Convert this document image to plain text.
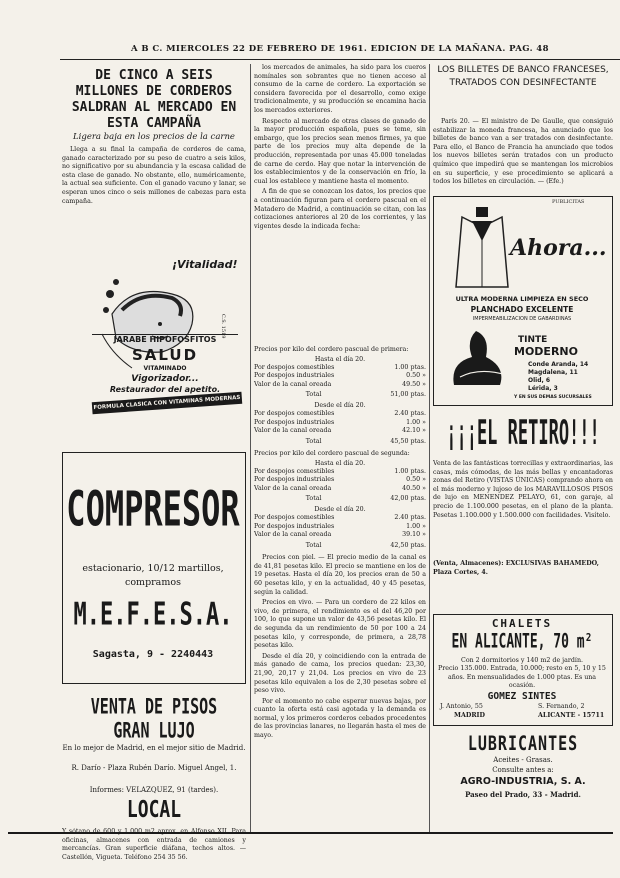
A B C. MIERCOLES 22 DE FEBRERO DE 1961. EDICION DE LA MAÑANA. PAG. 48
DE CINCO A SEIS MILLONES DE CORDEROS SALDRAN AL MERCADO EN ESTA CAMPAÑA
Ligera baja en los precios de la carne
Llega a su final la campaña de corderos de cama, ganado caracterizado por su peso de cuatro a seis kilos, no significativo por su abundancia y la escasa calidad de esta clase de ganado. No obstante, ello, numéricamente, la actual sea suficiente. Con el ganado vacuno y lanar, se esperan unos cinco o seis millones de cabezas para esta campaña.
¡Vitalidad!
C.S. 1519
JARABE HIPOFOSFITOS
SALUD
VITAMINADO
Vigorizador...
Restaurador del apetito.
FORMULA CLASICA CON VITAMINAS MODERNAS
COMPRESOR
estacionario, 10/12 martillos,
compramos
M.E.F.E.S.A.
Sagasta, 9 - 2240443
VENTA DE PISOS
GRAN LUJO
En lo mejor de Madrid, en el mejor sitio de Madrid.
R. Darío - Plaza Rubén Darío. Miguel Angel, 1.
Informes: VELAZQUEZ, 91 (tardes).
LOCAL
oficinas, almacenes con entrada de camiones y mercancías. Gran superficie diáfana, techos altos. — Castellón, Vigueta. Teléfono 254 35 56.

los mercados de animales, ha sido para los cueros nomínales son sobrantes que no tienen acceso al consumo de la carne de cordero. La exportación se considera favorecida por el desarrollo, como exige tradicionalmente, y su producción se encamina hacia los mercados exteriores.

Respecto al mercado de otras clases de ganado de la mayor producción española, pues se teme, sin embargo, que los precios sean menos firmes, ya que parte de los precios muy alta depende de la producción, representada por unas 45.000 toneladas de carne de cerdo. Hay que notar la intervención de los establecimientos y de la conservación en frío, la cual los establece y mantiene hasta el momento.

A fin de que se conozcan los datos, los precios que a continuación figuran para el cordero pascual en el Matadero de Madrid, a continuación se citan, con las cotizaciones anteriores al 20 de los corrientes, y las vigentes desde la indicada fecha:

Precios por kilo del cordero pascual de primera:
Hasta el día 20.
Por despojos comestibles	1.00 ptas.
Por despojos industriales	0.50 »
Valor de la canal oreada	49.50 »
Total	51,00 ptas.
Desde el día 20.	
Por despojos comestibles	2.40 ptas.
Por despojos industriales	1.00 »
Valor de la canal oreada	42.10 »
Total	45,50 ptas.
Precios por kilo del cordero pascual de segunda:
Hasta el día 20.
Por despojos comestibles	1.00 ptas.
Por despojos industriales	0.50 »
Valor de la canal oreada	40.50 »
Total	42,00 ptas.
Desde el día 20.	
Por despojos comestibles	2.40 ptas.
Por despojos industriales	1.00 »
Valor de la canal oreada	39.10 »
Total	42,50 ptas.

Precios con piel. — El precio medio de la canal es de 41,81 pesetas kilo. El precio se mantiene en los de 19 pesetas. Hasta el día 20, los precios eran de 50 a 60 pesetas kilo, y en la actualidad, 40 y 45 pesetas, según la calidad.

Precios en vivo. — Para un cordero de 22 kilos en vivo, de primera, el rendimiento es el del 46,20 por 100, lo que supone un valor de 43,56 pesetas kilo. El de segunda da un rendimiento de 50 por 100 a 24 pesetas kilo, y corresponde, de primera, a 28,78 pesetas kilo.

Desde el día 20, y coincidiendo con la entrada de más ganado de cama, los precios quedan: 23,30, 21,90, 20,17 y 21,04. Los precios en vivo de 23 pesetas kilo equivalen a los de 2,30 pesetas sobre el peso vivo.

Por el momento no cabe esperar nuevas bajas, por cuanto la oferta está casi agotada y la demanda es normal, y los primeros corderos cebados procedentes de las provincias lanares, no llegarán hasta el mes de mayo.

LOS BILLETES DE BANCO FRANCESES, TRATADOS CON DESINFECTANTE
París 20. — El ministro de De Gaulle, que consiguió estabilizar la moneda francesa, ha anunciado que los billetes de banco van a ser tratados con desinfectante. Para ello, el Banco de Francia ha anunciado que todos los nuevos billetes serán tratados con un producto químico que impedirá que se mantengan los microbios en su superficie, y ese procedimiento se aplicará a todos los billetes en circulación. — (Efe.)
PUBLICITAS
Ahora...
ULTRA MODERNA LIMPIEZA EN SECO
PLANCHADO EXCELENTE
IMPERMEABILIZACION DE GABARDINAS
TINTE
MODERNO
Conde Aranda, 14
Magdalena, 11
Olid, 6
Lérida, 3
Y EN SUS DEMAS SUCURSALES
¡¡¡EL RETIRO!!!
Venta de las fantásticas torrecillas y extraordinarias, las casas, más cómodas, de las más bellas y encantadoras zonas del Retiro (VISTAS ÚNICAS) comprando ahora en el más moderno y lujoso de los MARAVILLOSOS PISOS de lujo en MENENDEZ PELAYO, 61, con garaje, al precio de 1.100.000 pesetas, en el plano de la planta. Pesetas 1.100.000 y 1.500.000 con facilidades. Visítelo.
(Venta, Almacenes): EXCLUSIVAS BAHAMEDO, Plaza Cortes, 4.
CHALETS
EN ALICANTE, 70 m²
Con 2 dormitorios y 140 m2 de jardín.
Precio 135.000. Entrada, 10.000; resto en 5, 10 y 15 años. En mensualidades de 1.000 ptas. Es una ocasión.
GOMEZ SINTES
J. Antonio, 55
MADRID
S. Fernando, 2
ALICANTE - 15711
LUBRICANTES
Aceites - Grasas.
Consulte antes a:
AGRO-INDUSTRIA, S. A.
Paseo del Prado, 33 - Madrid.
